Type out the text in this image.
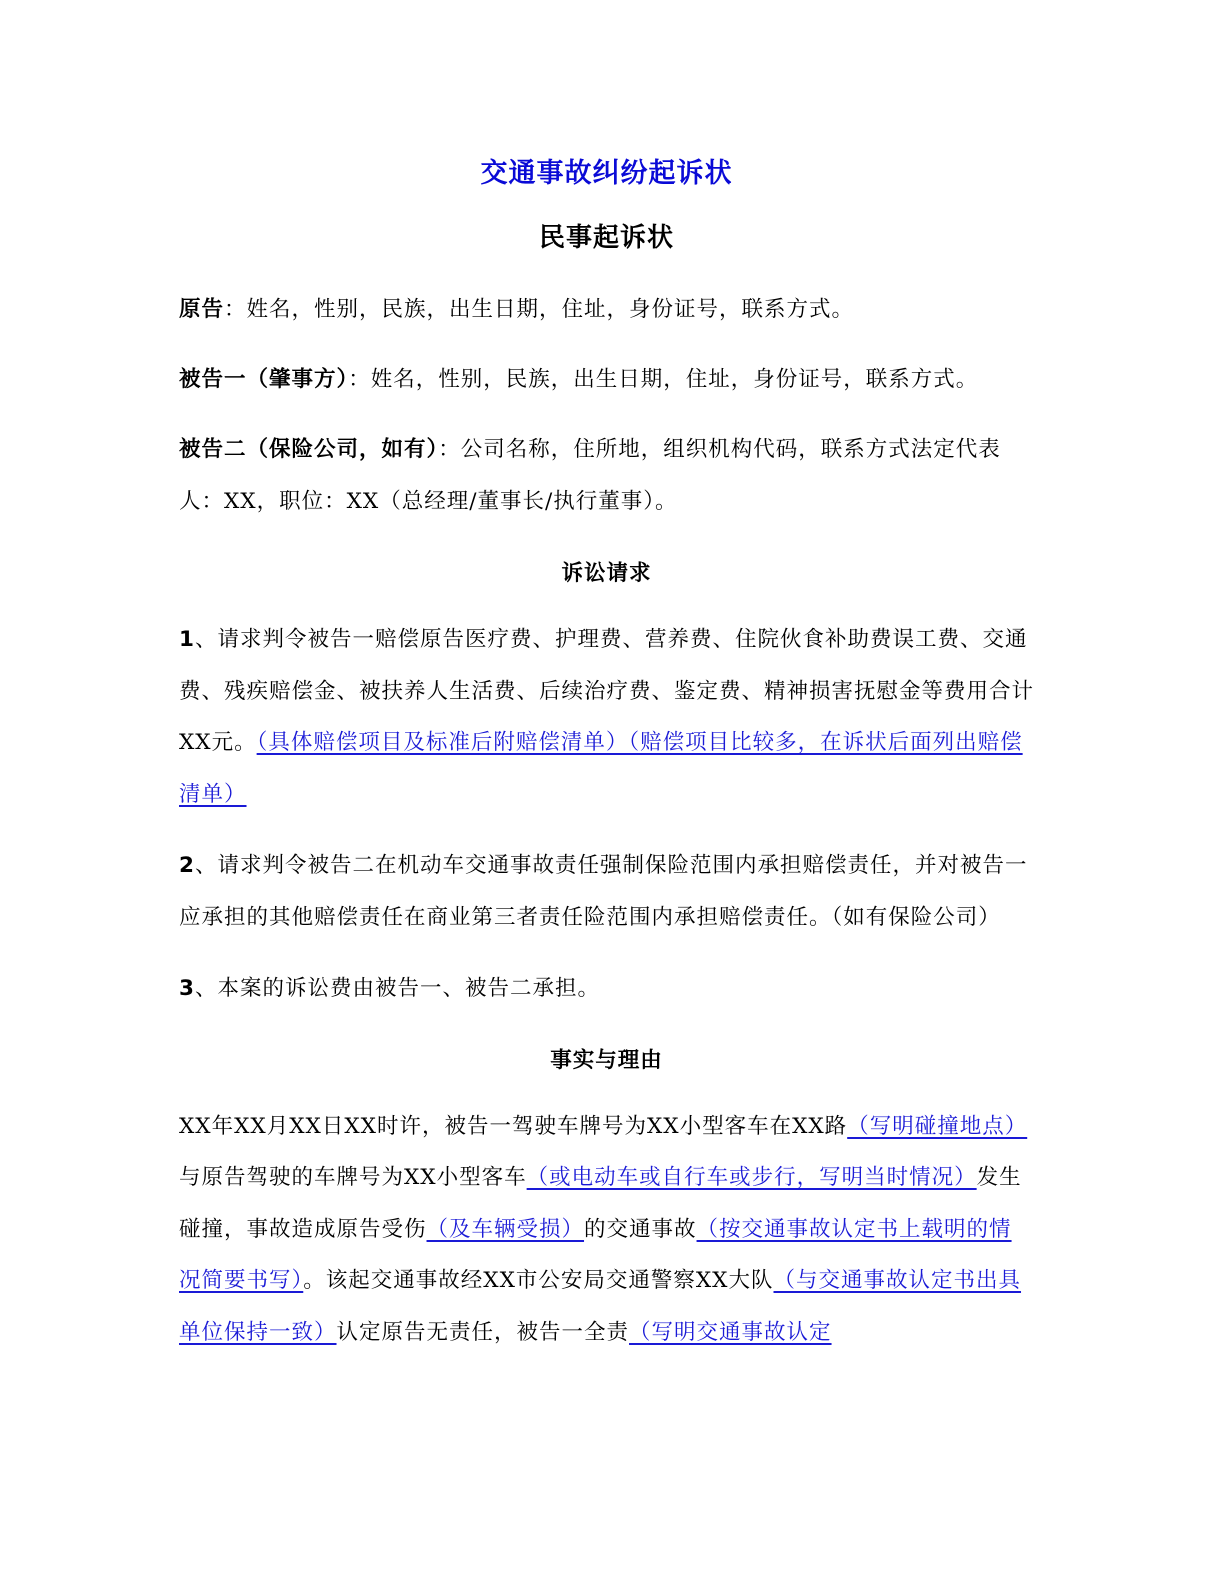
交通事故纠纷起诉状
民事起诉状

原告：姓名，性别，民族，出生日期，住址，身份证号，联系方式。

被告一（肇事方）：姓名，性别，民族，出生日期，住址，身份证号，联系方式。

被告二（保险公司，如有）：公司名称，住所地，组织机构代码，联系方式法定代表人：XX，职位：XX（总经理/董事长/执行董事）。

诉讼请求

1、请求判令被告一赔偿原告医疗费、护理费、营养费、住院伙食补助费误工费、交通费、残疾赔偿金、被扶养人生活费、后续治疗费、鉴定费、精神损害抚慰金等费用合计XX元。（具体赔偿项目及标准后附赔偿清单）（赔偿项目比较多，在诉状后面列出赔偿清单）

2、请求判令被告二在机动车交通事故责任强制保险范围内承担赔偿责任，并对被告一应承担的其他赔偿责任在商业第三者责任险范围内承担赔偿责任。（如有保险公司）

3、本案的诉讼费由被告一、被告二承担。

事实与理由

XX年XX月XX日XX时许，被告一驾驶车牌号为XX小型客车在XX路（写明碰撞地点）与原告驾驶的车牌号为XX小型客车（或电动车或自行车或步行，写明当时情况）发生碰撞，事故造成原告受伤（及车辆受损）的交通事故（按交通事故认定书上载明的情况简要书写）。该起交通事故经XX市公安局交通警察XX大队（与交通事故认定书出具单位保持一致）认定原告无责任，被告一全责（写明交通事故认定
